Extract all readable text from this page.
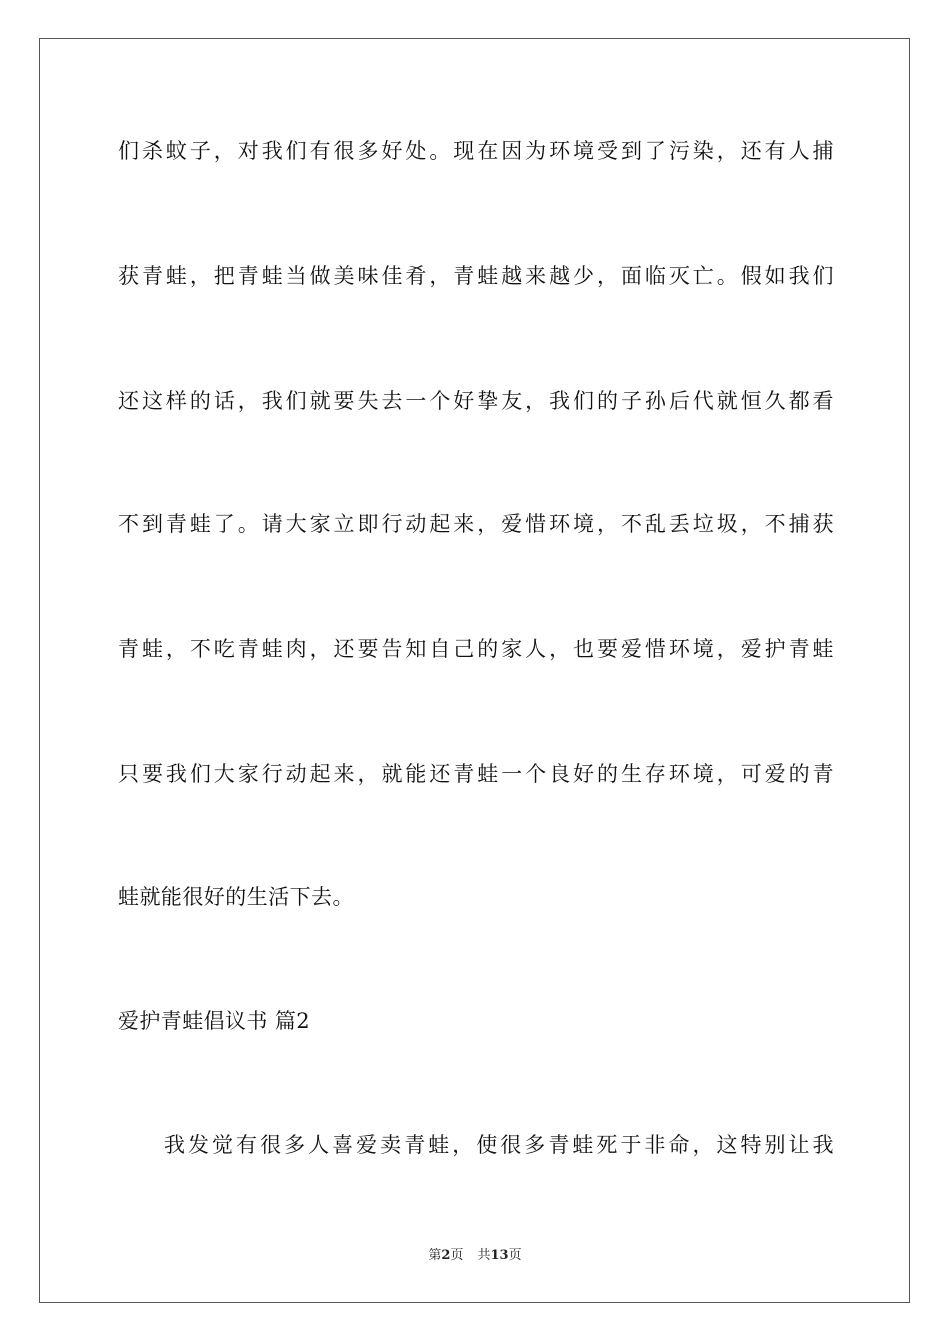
们杀蚊子，对我们有很多好处。现在因为环境受到了污染，还有人捕
获青蛙，把青蛙当做美味佳肴，青蛙越来越少，面临灭亡。假如我们
还这样的话，我们就要失去一个好挚友，我们的子孙后代就恒久都看
不到青蛙了。请大家立即行动起来，爱惜环境，不乱丢垃圾，不捕获
青蛙，不吃青蛙肉，还要告知自己的家人，也要爱惜环境，爱护青蛙
只要我们大家行动起来，就能还青蛙一个良好的生存环境，可爱的青
蛙就能很好的生活下去。
爱护青蛙倡议书 篇2
我发觉有很多人喜爱卖青蛙，使很多青蛙死于非命，这特别让我
第2页 共13页
